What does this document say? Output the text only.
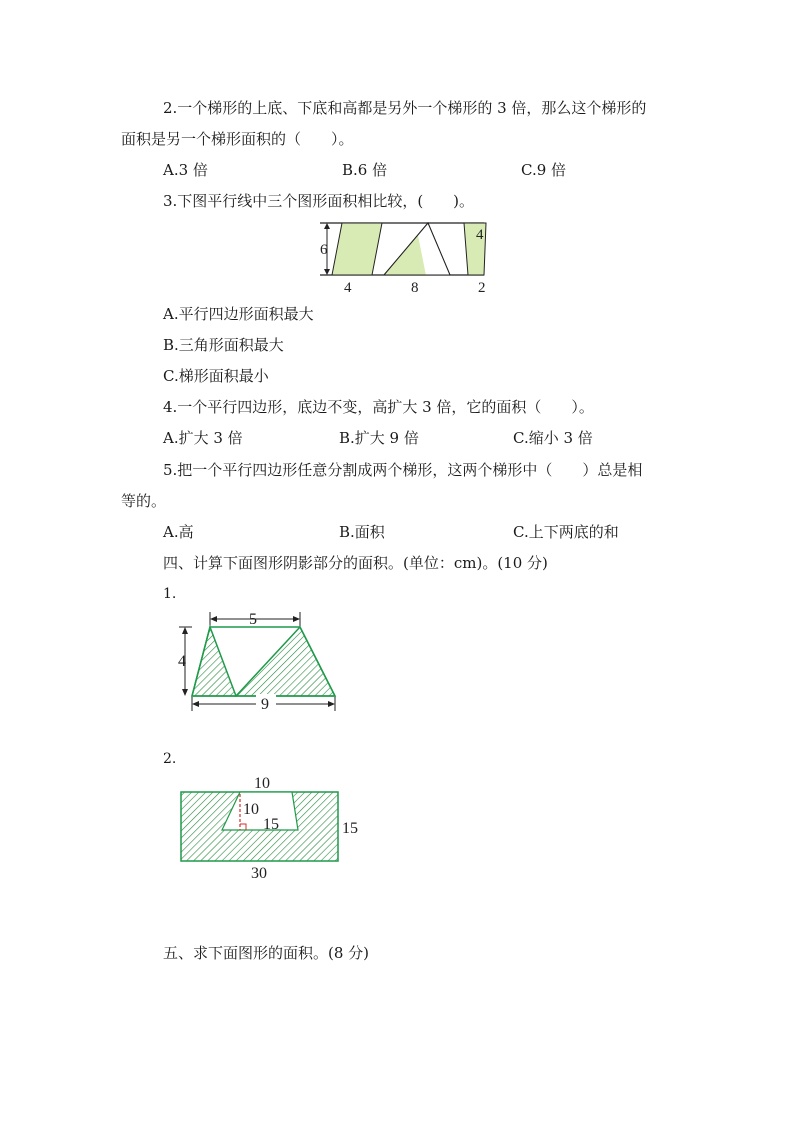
2.一个梯形的上底、下底和高都是另外一个梯形的 3 倍，那么这个梯形的
面积是另一个梯形面积的（　　）。
A.3 倍	B.6 倍	C.9 倍
3.下图平行线中三个图形面积相比较，(　　)。
6
4
4	8	2
A.平行四边形面积最大
B.三角形面积最大
C.梯形面积最小
4.一个平行四边形，底边不变，高扩大 3 倍，它的面积（　　）。
A.扩大 3 倍	B.扩大 9 倍	C.缩小 3 倍
5.把一个平行四边形任意分割成两个梯形，这两个梯形中（　　）总是相
等的。
A.高	B.面积	C.上下两底的和
四、计算下面图形阴影部分的面积。(单位：cm)。(10 分)
1.
5
4
9
2.
10
10
15	15
30
五、求下面图形的面积。(8 分)
